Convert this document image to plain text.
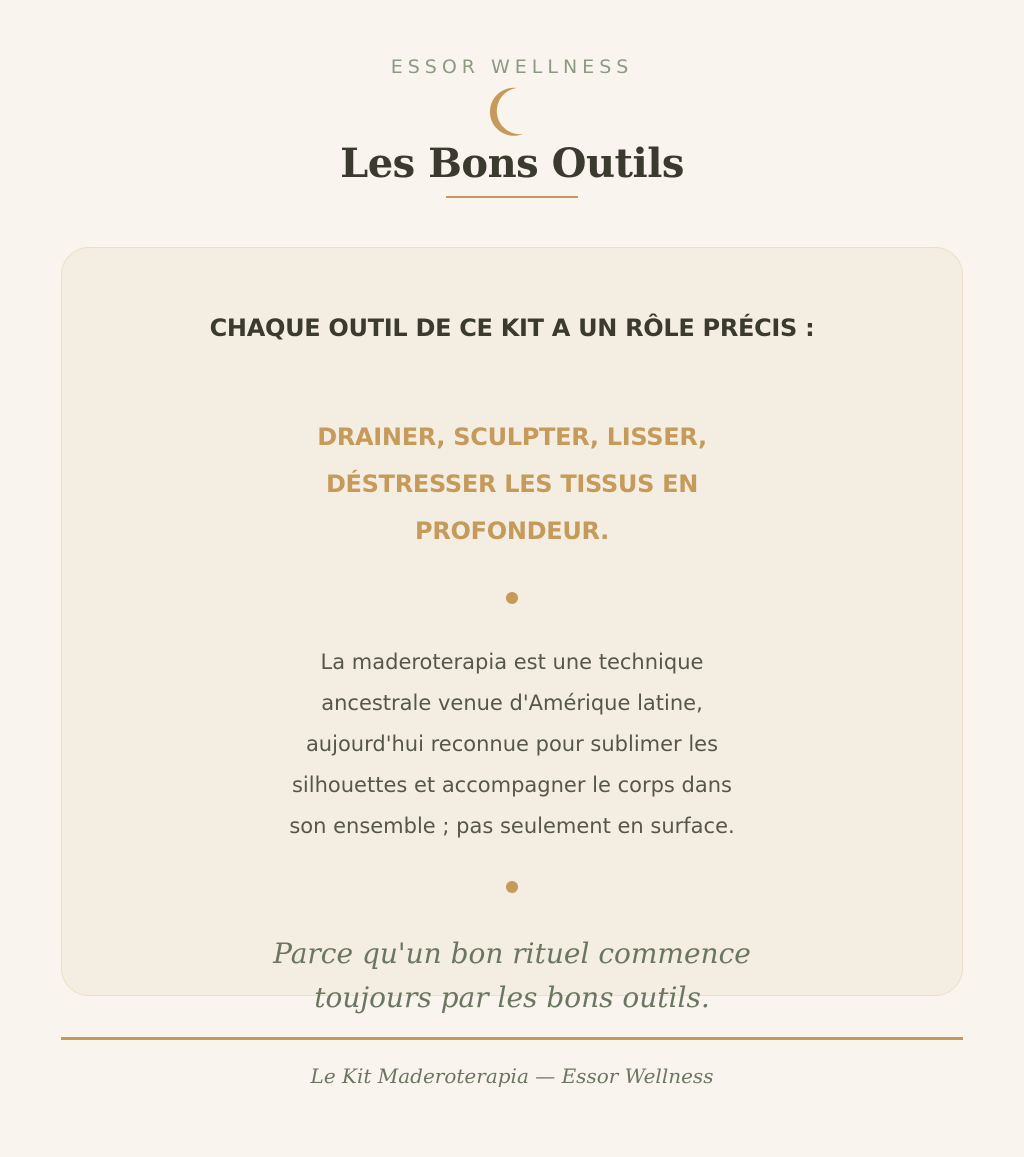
ESSOR WELLNESS
Les Bons Outils
CHAQUE OUTIL DE CE KIT A UN RÔLE PRÉCIS :
DRAINER, SCULPTER, LISSER,
DÉSTRESSER LES TISSUS EN
PROFONDEUR.
La maderoterapia est une technique
ancestrale venue d'Amérique latine,
aujourd'hui reconnue pour sublimer les
silhouettes et accompagner le corps dans
son ensemble ; pas seulement en surface.
Parce qu'un bon rituel commence
toujours par les bons outils.
Le Kit Maderoterapia — Essor Wellness
